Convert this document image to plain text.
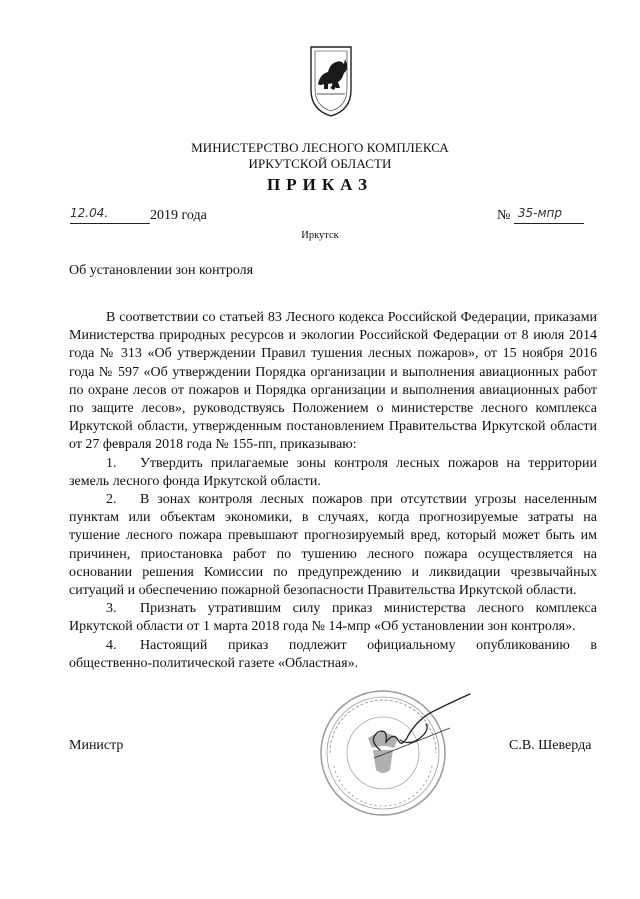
МИНИСТЕРСТВО ЛЕСНОГО КОМПЛЕКСА
ИРКУТСКОЙ ОБЛАСТИ
ПРИКАЗ
12.04.	2019 года	№ 35-мпр
Иркутск
Об установлении зон контроля

В соответствии со статьей 83 Лесного кодекса Российской Федерации, приказами Министерства природных ресурсов и экологии Российской Федерации от 8 июля 2014 года № 313 «Об утверждении Правил тушения лесных пожаров», от 15 ноября 2016 года № 597 «Об утверждении Порядка организации и выполнения авиационных работ по охране лесов от пожаров и Порядка организации и выполнения авиационных работ по защите лесов», руководствуясь Положением о министерстве лесного комплекса Иркутской области, утвержденным постановлением Правительства Иркутской области от 27 февраля 2018 года № 155-пп, приказываю:

1. Утвердить прилагаемые зоны контроля лесных пожаров на территории земель лесного фонда Иркутской области.

2. В зонах контроля лесных пожаров при отсутствии угрозы населенным пунктам или объектам экономики, в случаях, когда прогнозируемые затраты на тушение лесного пожара превышают прогнозируемый вред, который может быть им причинен, приостановка работ по тушению лесного пожара осуществляется на основании решения Комиссии по предупреждению и ликвидации чрезвычайных ситуаций и обеспечению пожарной безопасности Правительства Иркутской области.

3. Признать утратившим силу приказ министерства лесного комплекса Иркутской области от 1 марта 2018 года № 14-мпр «Об установлении зон контроля».

4. Настоящий приказ подлежит официальному опубликованию в общественно-политической газете «Областная».

Министр	С.В. Шеверда
